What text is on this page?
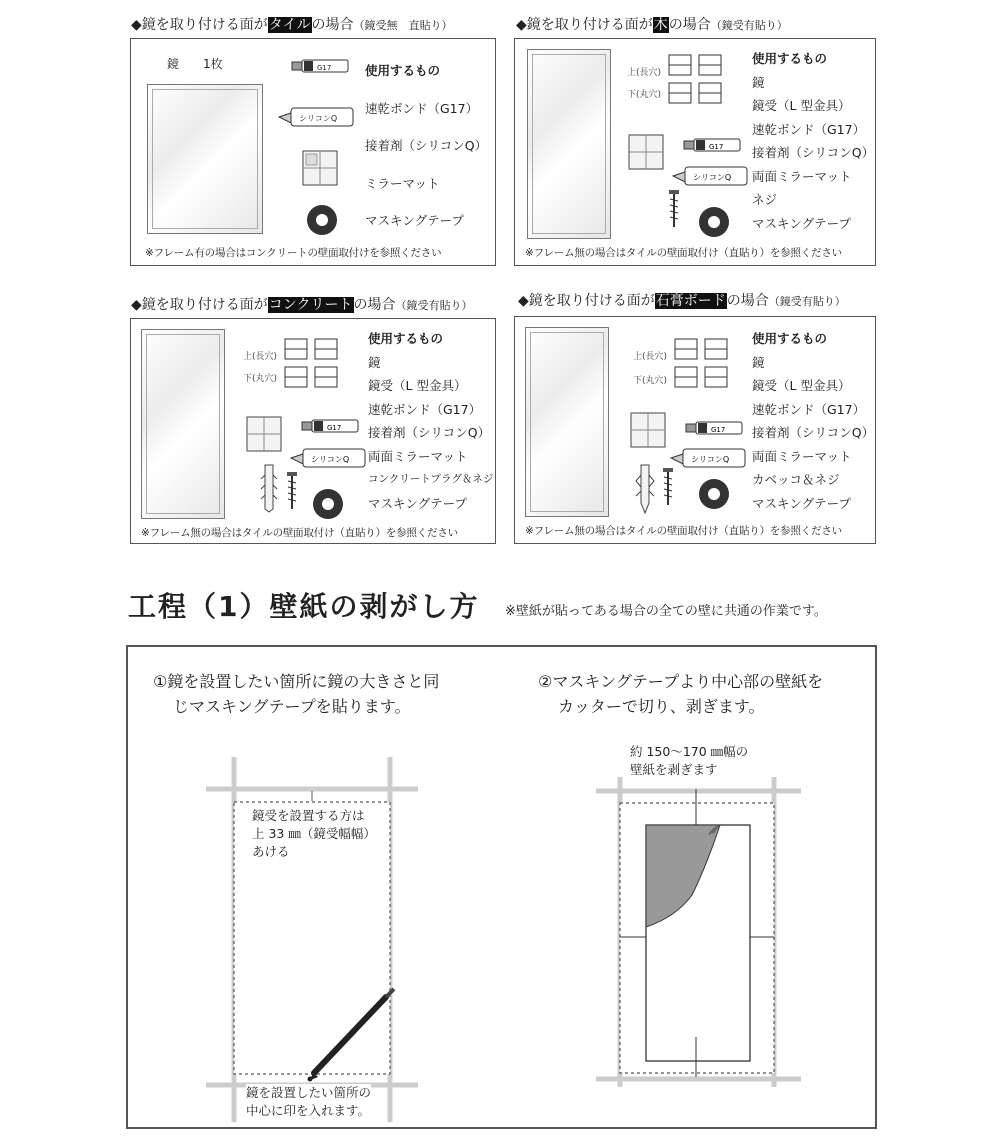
◆鏡を取り付ける面がタイルの場合（鏡受無　直貼り）
鏡　　1枚	G17
シリコンQ
使用するもの
速乾ボンド（G17）
接着剤（シリコンQ）
ミラーマット
マスキングテープ
※フレーム有の場合はコンクリートの壁面取付けを参照ください
◆鏡を取り付ける面が木の場合（鏡受有貼り）
上(長穴)
下(丸穴)
G17
シリコンQ
使用するもの
鏡
鏡受（L 型金具）
速乾ボンド（G17）
接着剤（シリコンQ）
両面ミラーマット
ネジ
マスキングテープ
※フレーム無の場合はタイルの壁面取付け（直貼り）を参照ください
◆鏡を取り付ける面がコンクリートの場合（鏡受有貼り）
上(長穴)
下(丸穴)
G17
シリコンQ
使用するもの
鏡
鏡受（L 型金具）
速乾ボンド（G17）
接着剤（シリコンQ）
両面ミラーマット
コンクリートプラグ＆ネジ
マスキングテープ
※フレーム無の場合はタイルの壁面取付け（直貼り）を参照ください
◆鏡を取り付ける面が石膏ボードの場合（鏡受有貼り）
上(長穴)
下(丸穴)
G17
シリコンQ
使用するもの
鏡
鏡受（L 型金具）
速乾ボンド（G17）
接着剤（シリコンQ）
両面ミラーマット
カベッコ＆ネジ
マスキングテープ
※フレーム無の場合はタイルの壁面取付け（直貼り）を参照ください
工程（1）壁紙の剥がし方 ※壁紙が貼ってある場合の全ての壁に共通の作業です。
①鏡を設置したい箇所に鏡の大きさと同
じマスキングテープを貼ります。
②マスキングテープより中心部の壁紙を
カッターで切り、剥ぎます。
鏡受を設置する方は
上 33 ㎜（鏡受幅幅）
あける
鏡を設置したい箇所の
中心に印を入れます。
約 150〜170 ㎜幅の
壁紙を剥ぎます
